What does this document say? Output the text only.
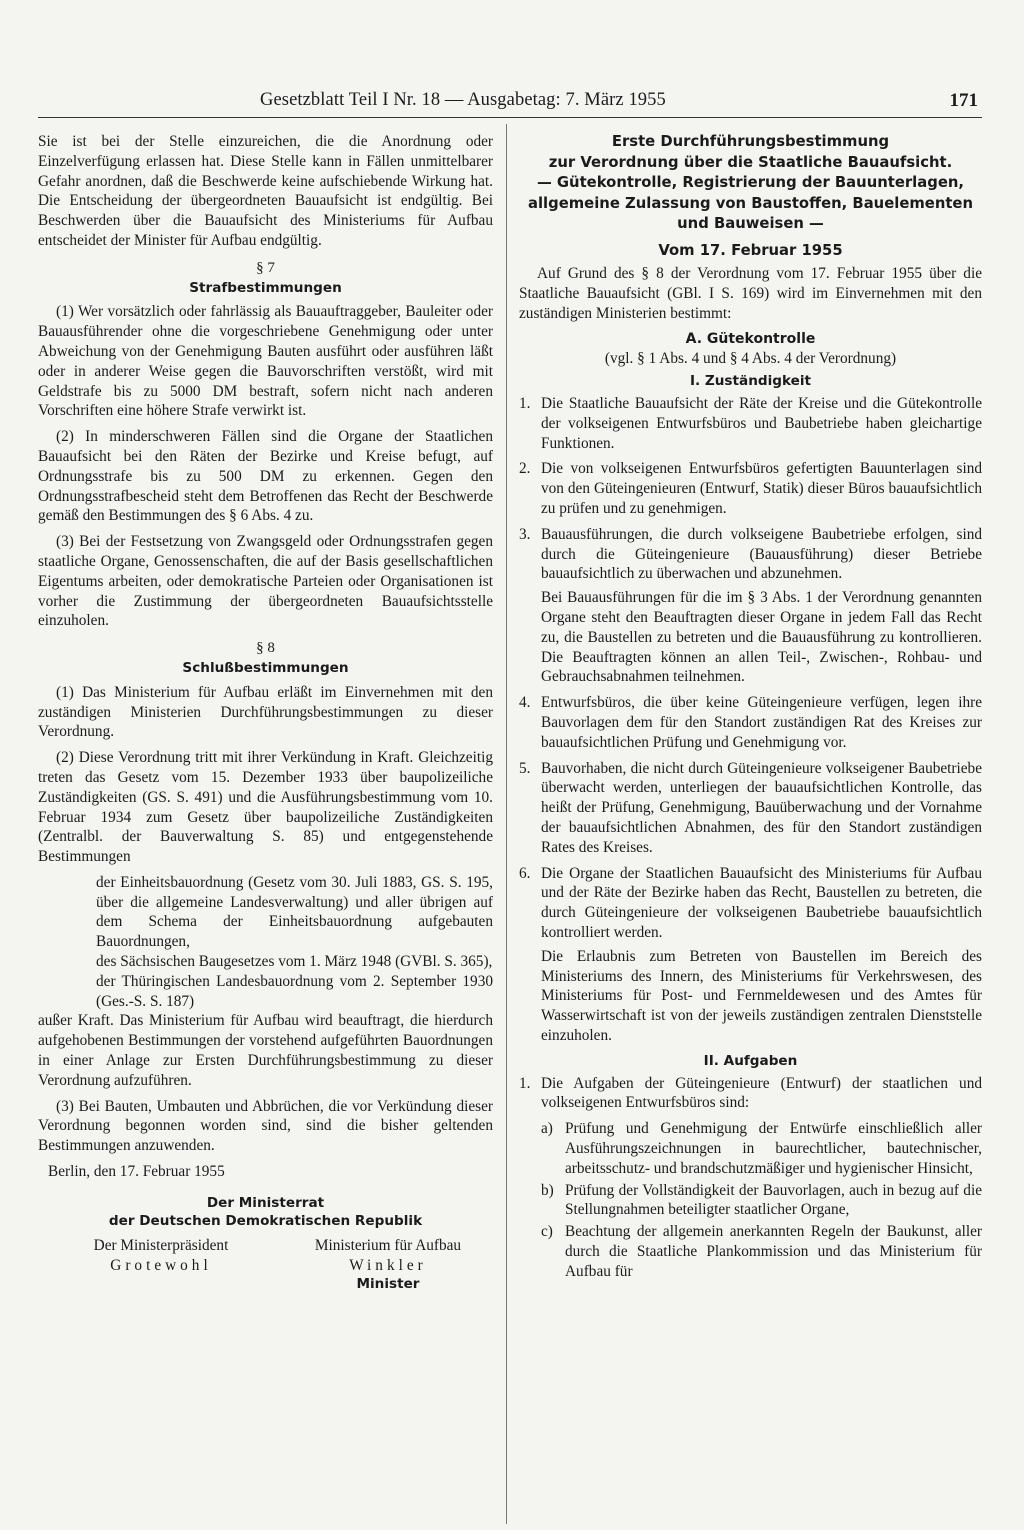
Gesetzblatt Teil I Nr. 18 — Ausgabetag: 7. März 1955	171

Sie ist bei der Stelle einzureichen, die die Anordnung oder Einzelverfügung erlassen hat. Diese Stelle kann in Fällen unmittelbarer Gefahr anordnen, daß die Beschwerde keine aufschiebende Wirkung hat. Die Entscheidung der übergeordneten Bauaufsicht ist endgültig. Bei Beschwerden über die Bauaufsicht des Ministeriums für Aufbau entscheidet der Minister für Aufbau endgültig.

§ 7
Strafbestimmungen

(1) Wer vorsätzlich oder fahrlässig als Bauauftraggeber, Bauleiter oder Bauausführender ohne die vorgeschriebene Genehmigung oder unter Abweichung von der Genehmigung Bauten ausführt oder ausführen läßt oder in anderer Weise gegen die Bauvorschriften verstößt, wird mit Geldstrafe bis zu 5000 DM bestraft, sofern nicht nach anderen Vorschriften eine höhere Strafe verwirkt ist.

(2) In minderschweren Fällen sind die Organe der Staatlichen Bauaufsicht bei den Räten der Bezirke und Kreise befugt, auf Ordnungsstrafe bis zu 500 DM zu erkennen. Gegen den Ordnungsstrafbescheid steht dem Betroffenen das Recht der Beschwerde gemäß den Bestimmungen des § 6 Abs. 4 zu.

(3) Bei der Festsetzung von Zwangsgeld oder Ordnungsstrafen gegen staatliche Organe, Genossenschaften, die auf der Basis gesellschaftlichen Eigentums arbeiten, oder demokratische Parteien oder Organisationen ist vorher die Zustimmung der übergeordneten Bauaufsichtsstelle einzuholen.

§ 8
Schlußbestimmungen

(1) Das Ministerium für Aufbau erläßt im Einvernehmen mit den zuständigen Ministerien Durchführungsbestimmungen zu dieser Verordnung.

(2) Diese Verordnung tritt mit ihrer Verkündung in Kraft. Gleichzeitig treten das Gesetz vom 15. Dezember 1933 über baupolizeiliche Zuständigkeiten (GS. S. 491) und die Ausführungsbestimmung vom 10. Februar 1934 zum Gesetz über baupolizeiliche Zuständigkeiten (Zentralbl. der Bauverwaltung S. 85) und entgegenstehende Bestimmungen

der Einheitsbauordnung (Gesetz vom 30. Juli 1883, GS. S. 195, über die allgemeine Landesverwaltung) und aller übrigen auf dem Schema der Einheitsbauordnung aufgebauten Bauordnungen,

des Sächsischen Baugesetzes vom 1. März 1948 (GVBl. S. 365),

der Thüringischen Landesbauordnung vom 2. September 1930 (Ges.-S. S. 187)

außer Kraft. Das Ministerium für Aufbau wird beauftragt, die hierdurch aufgehobenen Bestimmungen der vorstehend aufgeführten Bauordnungen in einer Anlage zur Ersten Durchführungsbestimmung zu dieser Verordnung aufzuführen.

(3) Bei Bauten, Umbauten und Abbrüchen, die vor Verkündung dieser Verordnung begonnen worden sind, sind die bisher geltenden Bestimmungen anzuwenden.

Berlin, den 17. Februar 1955
Der Ministerrat
der Deutschen Demokratischen Republik
Der Ministerpräsident
Grotewohl
Ministerium für Aufbau
Winkler
Minister
Erste Durchführungsbestimmung
zur Verordnung über die Staatliche Bauaufsicht.
— Gütekontrolle, Registrierung der Bauunterlagen, allgemeine Zulassung von Baustoffen, Bauelementen und Bauweisen —
Vom 17. Februar 1955

Auf Grund des § 8 der Verordnung vom 17. Februar 1955 über die Staatliche Bauaufsicht (GBl. I S. 169) wird im Einvernehmen mit den zuständigen Ministerien bestimmt:

A. Gütekontrolle
(vgl. § 1 Abs. 4 und § 4 Abs. 4 der Verordnung)
I. Zuständigkeit
1. Die Staatliche Bauaufsicht der Räte der Kreise und die Gütekontrolle der volkseigenen Entwurfsbüros und Baubetriebe haben gleichartige Funktionen.

2. Die von volkseigenen Entwurfsbüros gefertigten Bauunterlagen sind von den Güteingenieuren (Entwurf, Statik) dieser Büros bauaufsichtlich zu prüfen und zu genehmigen.

3. Bauausführungen, die durch volkseigene Baubetriebe erfolgen, sind durch die Güteingenieure (Bauausführung) dieser Betriebe bauaufsichtlich zu überwachen und abzunehmen.

Bei Bauausführungen für die im § 3 Abs. 1 der Verordnung genannten Organe steht den Beauftragten dieser Organe in jedem Fall das Recht zu, die Baustellen zu betreten und die Bauausführung zu kontrollieren. Die Beauftragten können an allen Teil-, Zwischen-, Rohbau- und Gebrauchsabnahmen teilnehmen.

4. Entwurfsbüros, die über keine Güteingenieure verfügen, legen ihre Bauvorlagen dem für den Standort zuständigen Rat des Kreises zur bauaufsichtlichen Prüfung und Genehmigung vor.

5. Bauvorhaben, die nicht durch Güteingenieure volkseigener Baubetriebe überwacht werden, unterliegen der bauaufsichtlichen Kontrolle, das heißt der Prüfung, Genehmigung, Bauüberwachung und der Vornahme der bauaufsichtlichen Abnahmen, des für den Standort zuständigen Rates des Kreises.

6. Die Organe der Staatlichen Bauaufsicht des Ministeriums für Aufbau und der Räte der Bezirke haben das Recht, Baustellen zu betreten, die durch Güteingenieure der volkseigenen Baubetriebe bauaufsichtlich kontrolliert werden.

Die Erlaubnis zum Betreten von Baustellen im Bereich des Ministeriums des Innern, des Ministeriums für Verkehrswesen, des Ministeriums für Post- und Fernmeldewesen und des Amtes für Wasserwirtschaft ist von der jeweils zuständigen zentralen Dienststelle einzuholen.

II. Aufgaben
1. Die Aufgaben der Güteingenieure (Entwurf) der staatlichen und volkseigenen Entwurfsbüros sind:

a) Prüfung und Genehmigung der Entwürfe einschließlich aller Ausführungszeichnungen in baurechtlicher, bautechnischer, arbeitsschutz- und brandschutzmäßiger und hygienischer Hinsicht,

b) Prüfung der Vollständigkeit der Bauvorlagen, auch in bezug auf die Stellungnahmen beteiligter staatlicher Organe,

c) Beachtung der allgemein anerkannten Regeln der Baukunst, aller durch die Staatliche Plankommission und das Ministerium für Aufbau für
